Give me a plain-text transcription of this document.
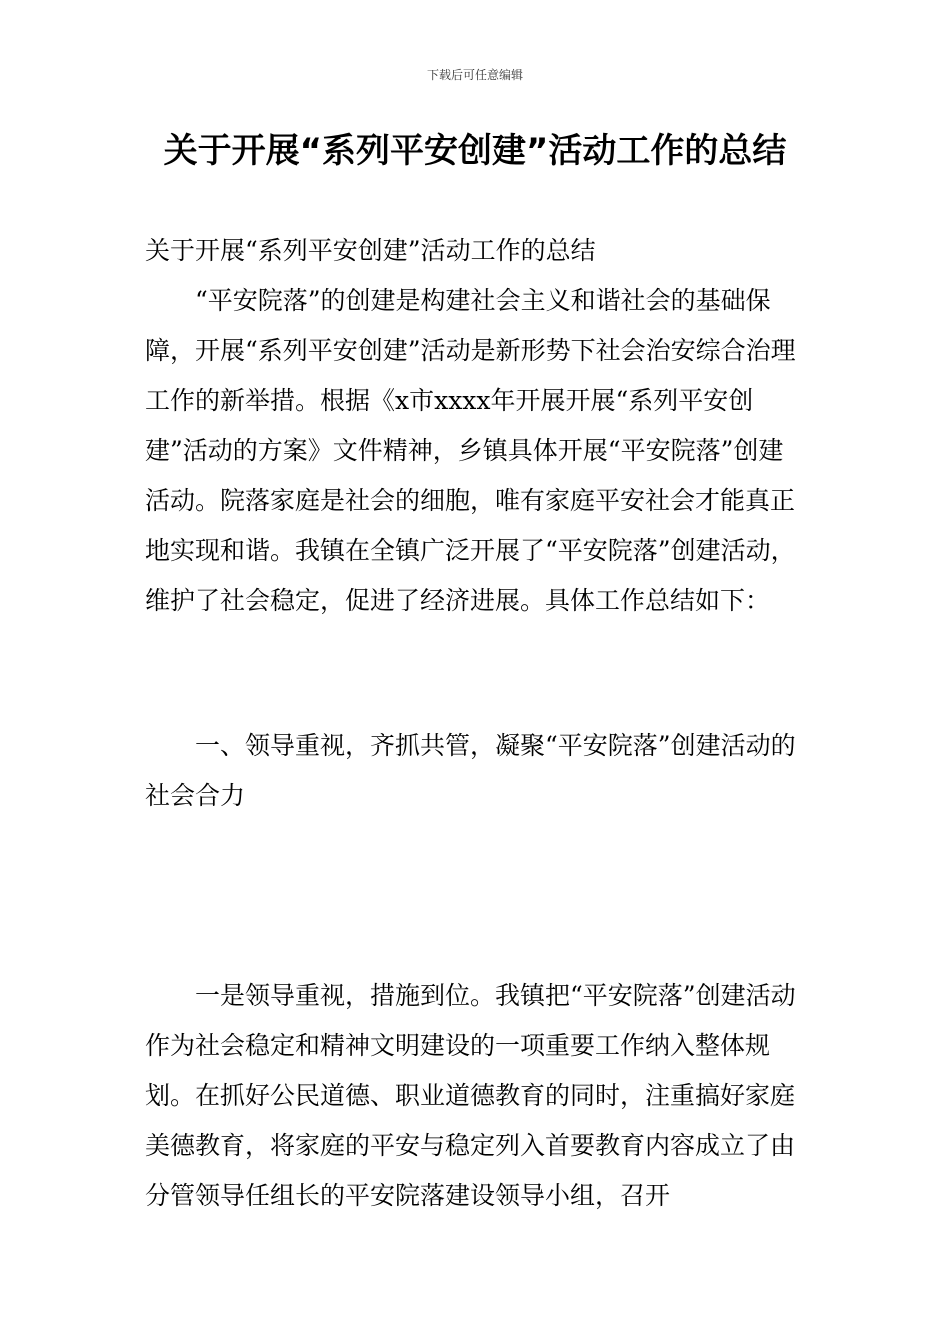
下载后可任意编辑
关于开展“系列平安创建”活动工作的总结

关于开展“系列平安创建”活动工作的总结

“平安院落”的创建是构建社会主义和谐社会的基础保障，开展“系列平安创建”活动是新形势下社会治安综合治理工作的新举措。根据《x市xxxx年开展开展“系列平安创建”活动的方案》文件精神，乡镇具体开展“平安院落”创建活动。院落家庭是社会的细胞，唯有家庭平安社会才能真正地实现和谐。我镇在全镇广泛开展了“平安院落”创建活动，维护了社会稳定，促进了经济进展。具体工作总结如下：

一、领导重视，齐抓共管，凝聚“平安院落”创建活动的社会合力

一是领导重视，措施到位。我镇把“平安院落”创建活动作为社会稳定和精神文明建设的一项重要工作纳入整体规划。在抓好公民道德、职业道德教育的同时，注重搞好家庭美德教育，将家庭的平安与稳定列入首要教育内容成立了由分管领导任组长的平安院落建设领导小组，召开
